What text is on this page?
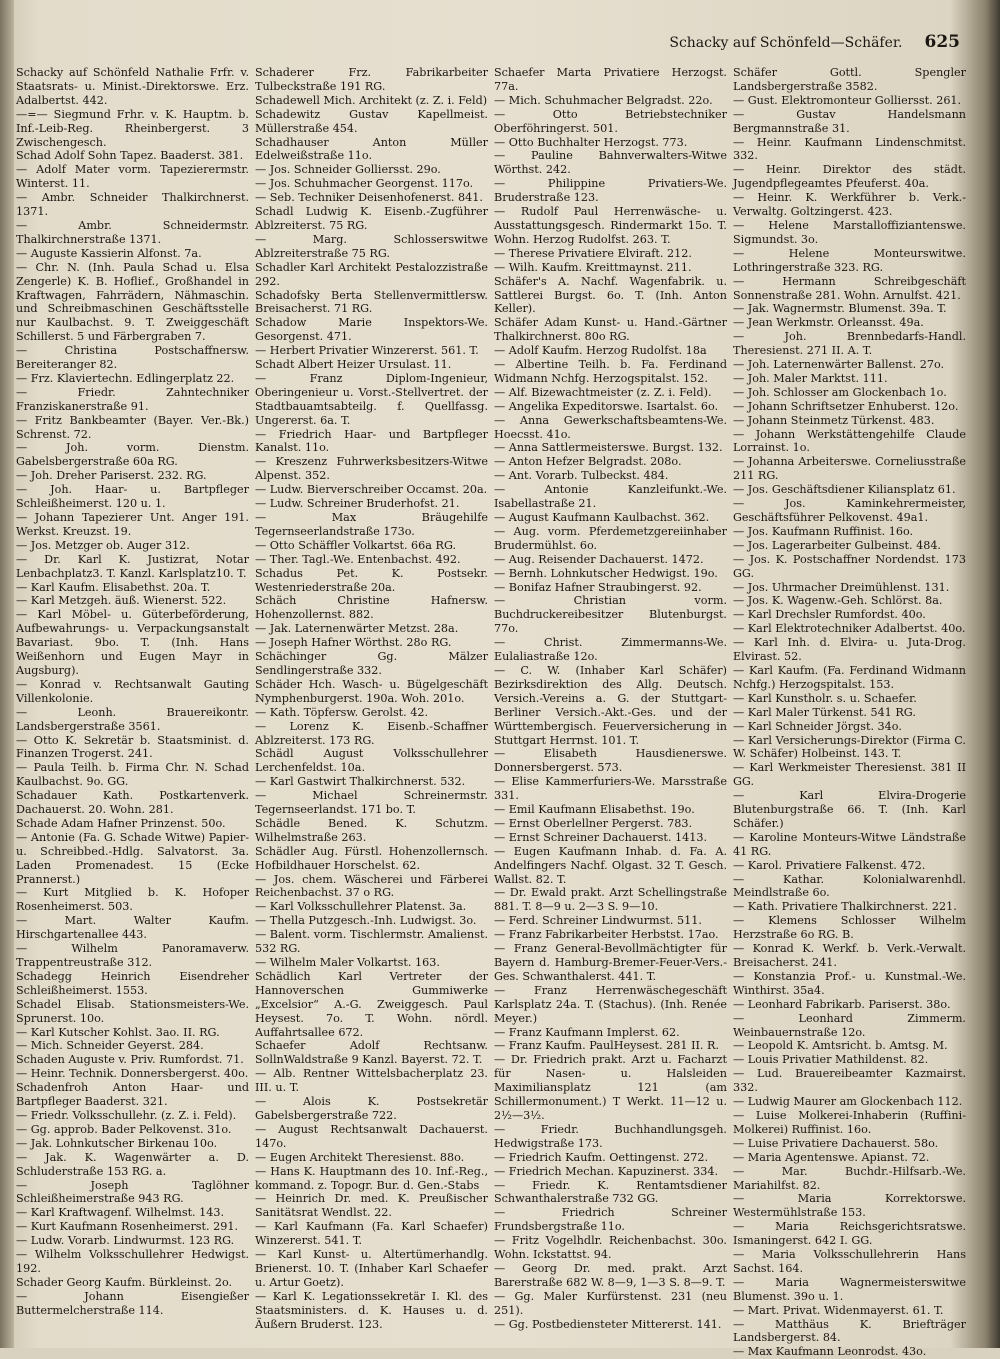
Schacky auf Schönfeld—Schäfer. 625

Schacky auf Schönfeld Nathalie Frfr. v. Staatsrats- u. Minist.-Direktorswe. Erz. Adalbertst. 442.

—=— Siegmund Frhr. v. K. Hauptm. b. Inf.-Leib-Reg. Rheinbergerst. 3 Zwischengesch.

Schad Adolf Sohn Tapez. Baaderst. 381.

— Adolf Mater vorm. Tapezierermstr. Winterst. 11.

— Ambr. Schneider Thalkirchnerst. 1371.

— Ambr. Schneidermstr. Thalkirchnerstraße 1371.

— Auguste Kassierin Alfonst. 7a.

— Chr. N. (Inh. Paula Schad u. Elsa Zengerle) K. B. Hoflief., Großhandel in Kraftwagen, Fahrrädern, Nähmaschin. und Schreibmaschinen Geschäftsstelle nur Kaulbachst. 9. T. Zweiggeschäft Schillerst. 5 und Färbergraben 7.

— Christina Postschaffnersw. Bereiteranger 82.

— Frz. Klaviertechn. Edlingerplatz 22.

— Friedr. Zahntechniker Franziskanerstraße 91.

— Fritz Bankbeamter (Bayer. Ver.-Bk.) Schrenst. 72.

— Joh. vorm. Dienstm. Gabelsbergerstraße 60a RG.

— Joh. Dreher Pariserst. 232. RG.

— Joh. Haar- u. Bartpfleger Schleißheimerst. 120 u. 1.

— Johann Tapezierer Unt. Anger 191. Werkst. Kreuzst. 19.

— Jos. Metzger ob. Auger 312.

— Dr. Karl K. Justizrat, Notar Lenbachplatz3. T. Kanzl. Karlsplatz10. T.

— Karl Kaufm. Elisabethst. 20a. T.

— Karl Metzgeh. äuß. Wienerst. 522.

— Karl Möbel- u. Güterbeförderung, Aufbewahrungs- u. Verpackungsanstalt Bavariast. 9bo. T. (Inh. Hans Weißenhorn und Eugen Mayr in Augsburg).

— Konrad v. Rechtsanwalt Gauting Villenkolonie.

— Leonh. Brauereikontr. Landsbergerstraße 3561.

— Otto K. Sekretär b. Staatsminist. d. Finanzen Trogerst. 241.

— Paula Teilh. b. Firma Chr. N. Schad Kaulbachst. 9o. GG.

Schadauer Kath. Postkartenverk. Dachauerst. 20. Wohn. 281.

Schade Adam Hafner Prinzenst. 50o.

— Antonie (Fa. G. Schade Witwe) Papier- u. Schreibbed.-Hdlg. Salvatorst. 3a. Laden Promenadest. 15 (Ecke Prannerst.)

— Kurt Mitglied b. K. Hofoper Rosenheimerst. 503.

— Mart. Walter Kaufm. Hirschgartenallee 443.

— Wilhelm Panoramaverw. Trappentreustraße 312.

Schadegg Heinrich Eisendreher Schleißheimerst. 1553.

Schadel Elisab. Stationsmeisters-We. Sprunerst. 10o.

— Karl Kutscher Kohlst. 3ao. II. RG.

— Mich. Schneider Geyerst. 284.

Schaden Auguste v. Priv. Rumfordst. 71.

— Heinr. Technik. Donnersbergerst. 40o.

Schadenfroh Anton Haar- und Bartpfleger Baaderst. 321.

— Friedr. Volksschullehr. (z. Z. i. Feld).

— Gg. approb. Bader Pelkovenst. 31o.

— Jak. Lohnkutscher Birkenau 10o.

— Jak. K. Wagenwärter a. D. Schluderstraße 153 RG. a.

— Joseph Taglöhner Schleißheimerstraße 943 RG.

— Karl Kraftwagenf. Wilhelmst. 143.

— Kurt Kaufmann Rosenheimerst. 291.

— Ludw. Vorarb. Lindwurmst. 123 RG.

— Wilhelm Volksschullehrer Hedwigst. 192.

Schader Georg Kaufm. Bürkleinst. 2o.

— Johann Eisengießer Buttermelcherstraße 114.

Schaderer Frz. Fabrikarbeiter Tulbeckstraße 191 RG.

Schadewell Mich. Architekt (z. Z. i. Feld)

Schadewitz Gustav Kapellmeist. Müllerstraße 454.

Schadhauser Anton Müller Edelweißstraße 11o.

— Jos. Schneider Golliersst. 29o.

— Jos. Schuhmacher Georgenst. 117o.

— Seb. Techniker Deisenhofenerst. 841.

Schadl Ludwig K. Eisenb.-Zugführer Ablzreiterst. 75 RG.

— Marg. Schlosserswitwe Ablzreiterstraße 75 RG.

Schadler Karl Architekt Pestalozzistraße 292.

Schadofsky Berta Stellenvermittlersw. Breisacherst. 71 RG.

Schadow Marie Inspektors-We. Gesorgenst. 471.

— Herbert Privatier Winzererst. 561. T.

Schadt Albert Heizer Ursulast. 11.

— Franz Diplom-Ingenieur, Oberingenieur u. Vorst.-Stellvertret. der Stadtbauamtsabteilg. f. Quellfassg. Ungererst. 6a. T.

— Friedrich Haar- und Bartpfleger Kanalst. 11o.

— Kreszenz Fuhrwerksbesitzers-Witwe Alpenst. 352.

— Ludw. Bierverschreiber Occamst. 20a.

— Ludw. Schreiner Bruderhofst. 21.

— Max Bräugehilfe Tegernseerlandstraße 173o.

— Otto Schäffler Volkartst. 66a RG.

— Ther. Tagl.-We. Entenbachst. 492.

Schadus Pet. K. Postsekr. Westenriederstraße 20a.

Schäch Christine Hafnersw. Hohenzollernst. 882.

— Jak. Laternenwärter Metzst. 28a.

— Joseph Hafner Wörthst. 28o RG.

Schächinger Gg. Mälzer Sendlingerstraße 332.

Schäder Hch. Wasch- u. Bügelgeschäft Nymphenburgerst. 190a. Woh. 201o.

— Kath. Töpfersw. Gerolst. 42.

— Lorenz K. Eisenb.-Schaffner Ablzreiterst. 173 RG.

Schädl August Volksschullehrer Lerchenfeldst. 10a.

— Karl Gastwirt Thalkirchnerst. 532.

— Michael Schreinermstr. Tegernseerlandst. 171 bo. T.

Schädle Bened. K. Schutzm. Wilhelmstraße 263.

Schädler Aug. Fürstl. Hohenzollernsch. Hofbildhauer Horschelst. 62.

— Jos. chem. Wäscherei und Färberei Reichenbachst. 37 o RG.

— Karl Volksschullehrer Platenst. 3a.

— Thella Putzgesch.-Inh. Ludwigst. 3o.

— Balent. vorm. Tischlermstr. Amalienst. 532 RG.

— Wilhelm Maler Volkartst. 163.

Schädlich Karl Vertreter der Hannoverschen Gummiwerke „Excelsior“ A.-G. Zweiggesch. Paul Heysest. 7o. T. Wohn. nördl. Auffahrtsallee 672.

Schaefer Adolf Rechtsanw. SollnWaldstraße 9 Kanzl. Bayerst. 72. T.

— Alb. Rentner Wittelsbacherplatz 23. III. u. T.

— Alois K. Postsekretär Gabelsbergerstraße 722.

— August Rechtsanwalt Dachauerst. 147o.

— Eugen Architekt Theresienst. 88o.

— Hans K. Hauptmann des 10. Inf.-Reg., kommand. z. Topogr. Bur. d. Gen.-Stabs

— Heinrich Dr. med. K. Preußischer Sanitätsrat Wendlst. 22.

— Karl Kaufmann (Fa. Karl Schaefer) Winzererst. 541. T.

— Karl Kunst- u. Altertümerhandlg. Brienerst. 10. T. (Inhaber Karl Schaefer u. Artur Goetz).

— Karl K. Legationssekretär I. Kl. des Staatsministers. d. K. Hauses u. d. Äußern Bruderst. 123.

Schaefer Marta Privatiere Herzogst. 77a.

— Mich. Schuhmacher Belgradst. 22o.

— Otto Betriebstechniker Oberföhringerst. 501.

— Otto Buchhalter Herzogst. 773.

— Pauline Bahnverwalters-Witwe Wörthst. 242.

— Philippine Privatiers-We. Bruderstraße 123.

— Rudolf Paul Herrenwäsche- u. Ausstattungsgesch. Rindermarkt 15o. T. Wohn. Herzog Rudolfst. 263. T.

— Therese Privatiere Elviraft. 212.

— Wilh. Kaufm. Kreittmaynst. 211.

Schäfer's A. Nachf. Wagenfabrik. u. Sattlerei Burgst. 6o. T. (Inh. Anton Keller).

Schäfer Adam Kunst- u. Hand.-Gärtner Thalkirchnerst. 80o RG.

— Adolf Kaufm. Herzog Rudolfst. 18a

— Albertine Teilh. b. Fa. Ferdinand Widmann Nchfg. Herzogspitalst. 152.

— Alf. Bizewachtmeister (z. Z. i. Feld).

— Angelika Expeditorswe. Isartalst. 6o.

— Anna Gewerkschaftsbeamtens-We. Hoecsst. 41o.

— Anna Sattlermeisterswe. Burgst. 132.

— Anton Hefzer Belgradst. 208o.

— Ant. Vorarb. Tulbeckst. 484.

— Antonie Kanzleifunkt.-We. Isabellastraße 21.

— August Kaufmann Kaulbachst. 362.

— Aug. vorm. Pferdemetzgereiinhaber Brudermühlst. 6o.

— Aug. Reisender Dachauerst. 1472.

— Bernh. Lohnkutscher Hedwigst. 19o.

— Bonifaz Hafner Straubingerst. 92.

— Christian vorm. Buchdruckereibesitzer Blutenburgst. 77o.

— Christ. Zimmermanns-We. Eulaliastraße 12o.

— C. W. (Inhaber Karl Schäfer) Bezirksdirektion des Allg. Deutsch. Versich.-Vereins a. G. der Stuttgart-Berliner Versich.-Akt.-Ges. und der Württembergisch. Feuerversicherung in Stuttgart Herrnst. 101. T.

— Elisabeth Hausdienerswe. Donnersbergerst. 573.

— Elise Kammerfuriers-We. Marsstraße 331.

— Emil Kaufmann Elisabethst. 19o.

— Ernst Oberlellner Pergerst. 783.

— Ernst Schreiner Dachauerst. 1413.

— Eugen Kaufmann Inhab. d. Fa. A. Andelfingers Nachf. Olgast. 32 T. Gesch. Wallst. 82. T.

— Dr. Ewald prakt. Arzt Schellingstraße 881. T. 8—9 u. 2—3 S. 9—10.

— Ferd. Schreiner Lindwurmst. 511.

— Franz Fabrikarbeiter Herbstst. 17ao.

— Franz General-Bevollmächtigter für Bayern d. Hamburg-Bremer-Feuer-Vers.-Ges. Schwanthalerst. 441. T.

— Franz Herrenwäschegeschäft Karlsplatz 24a. T. (Stachus). (Inh. Renée Meyer.)

— Franz Kaufmann Implerst. 62.

— Franz Kaufm. PaulHeysest. 281 II. R.

— Dr. Friedrich prakt. Arzt u. Facharzt für Nasen- u. Halsleiden Maximiliansplatz 121 (am Schillermonument.) T Werkt. 11—12 u. 2½—3½.

— Friedr. Buchhandlungsgeh. Hedwigstraße 173.

— Friedrich Kaufm. Oettingenst. 272.

— Friedrich Mechan. Kapuzinerst. 334.

— Friedr. K. Rentamtsdiener Schwanthalerstraße 732 GG.

— Friedrich Schreiner Frundsbergstraße 11o.

— Fritz Vogelhdlr. Reichenbachst. 30o. Wohn. Ickstattst. 94.

— Georg Dr. med. prakt. Arzt Barerstraße 682 W. 8—9, 1—3 S. 8—9. T.

— Gg. Maler Kurfürstenst. 231 (neu 251).

— Gg. Postbediensteter Mittererst. 141.

Schäfer Gottl. Spengler Landsbergerstraße 3582.

— Gust. Elektromonteur Golliersst. 261.

— Gustav Handelsmann Bergmannstraße 31.

— Heinr. Kaufmann Lindenschmitst. 332.

— Heinr. Direktor des städt. Jugendpflegeamtes Pfeuferst. 40a.

— Heinr. K. Werkführer b. Verk.-Verwaltg. Goltzingerst. 423.

— Helene Marstalloffiziantenswe. Sigmundst. 3o.

— Helene Monteurswitwe. Lothringerstraße 323. RG.

— Hermann Schreibgeschäft Sonnenstraße 281. Wohn. Arnulfst. 421.

— Jak. Wagnermstr. Blumenst. 39a. T.

— Jean Werkmstr. Orleansst. 49a.

— Joh. Brennbedarfs-Handl. Theresienst. 271 II. A. T.

— Joh. Laternenwärter Ballenst. 27o.

— Joh. Maler Marktst. 111.

— Joh. Schlosser am Glockenbach 1o.

— Johann Schriftsetzer Enhuberst. 12o.

— Johann Steinmetz Türkenst. 483.

— Johann Werkstättengehilfe Claude Lorrainst. 1o.

— Johanna Arbeiterswe. Corneliusstraße 211 RG.

— Jos. Geschäftsdiener Kiliansplatz 61.

— Jos. Kaminkehrermeister, Geschäftsführer Pelkovenst. 49a1.

— Jos. Kaufmann Ruffinist. 16o.

— Jos. Lagerarbeiter Gulbeinst. 484.

— Jos. K. Postschaffner Nordendst. 173 GG.

— Jos. Uhrmacher Dreimühlenst. 131.

— Jos. K. Wagenw.-Geh. Schlörst. 8a.

— Karl Drechsler Rumfordst. 40o.

— Karl Elektrotechniker Adalbertst. 40o.

— Karl Inh. d. Elvira- u. Juta-Drog. Elvirast. 52.

— Karl Kaufm. (Fa. Ferdinand Widmann Nchfg.) Herzogspitalst. 153.

— Karl Kunstholr. s. u. Schaefer.

— Karl Maler Türkenst. 541 RG.

— Karl Schneider Jörgst. 34o.

— Karl Versicherungs-Direktor (Firma C. W. Schäfer) Holbeinst. 143. T.

— Karl Werkmeister Theresienst. 381 II GG.

— Karl Elvira-Drogerie Blutenburgstraße 66. T. (Inh. Karl Schäfer.)

— Karoline Monteurs-Witwe Ländstraße 41 RG.

— Karol. Privatiere Falkenst. 472.

— Kathar. Kolonialwarenhdl. Meindlstraße 6o.

— Kath. Privatiere Thalkirchnerst. 221.

— Klemens Schlosser Wilhelm Herzstraße 6o RG. B.

— Konrad K. Werkf. b. Verk.-Verwalt. Breisacherst. 241.

— Konstanzia Prof.- u. Kunstmal.-We. Winthirst. 35a4.

— Leonhard Fabrikarb. Pariserst. 38o.

— Leonhard Zimmerm. Weinbauernstraße 12o.

— Leopold K. Amtsricht. b. Amtsg. M.

— Louis Privatier Mathildenst. 82.

— Lud. Brauereibeamter Kazmairst. 332.

— Ludwig Maurer am Glockenbach 112.

— Luise Molkerei-Inhaberin (Ruffini-Molkerei) Ruffinist. 16o.

— Luise Privatiere Dachauerst. 58o.

— Maria Agentenswe. Apianst. 72.

— Mar. Buchdr.-Hilfsarb.-We. Mariahilfst. 82.

— Maria Korrektorswe. Westermühlstraße 153.

— Maria Reichsgerichtsratswe. Ismaningerst. 642 I. GG.

— Maria Volksschullehrerin Hans Sachst. 164.

— Maria Wagnermeisterswitwe Blumenst. 39o u. 1.

— Mart. Privat. Widenmayerst. 61. T.

— Matthäus K. Briefträger Landsbergerst. 84.

— Max Kaufmann Leonrodst. 43o.
